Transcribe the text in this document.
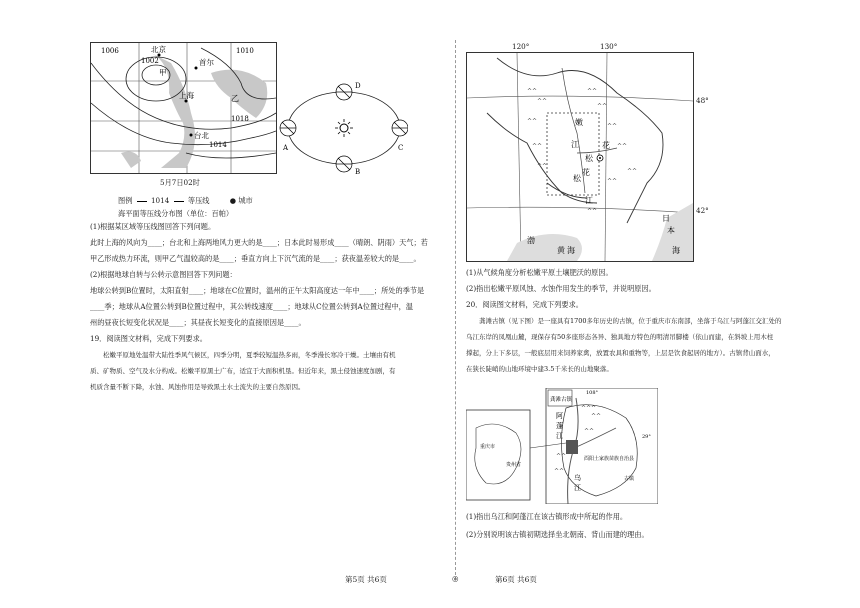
1006
1002
1010
1018
1014
北京
甲
首尔
上海	乙
台北
5月7日02时
图例	1014	等压线	● 城市
海平面等压线分布图（单位：百帕）
A
B
C
D
(1)根据某区域等压线图回答下列问题。
此时上海的风向为____；台北和上海两地风力更大的是____；日本此时易形成____（晴朗、阴雨）天气；若
甲乙形成热力环流，则甲乙气温较高的是____；垂直方向上下沉气流的是____；获夜温差较大的是____。
(2)根据地球自转与公转示意图回答下列问题：
地球公转到B位置时，太阳直射____；地球在C位置时，温州的正午太阳高度达一年中____；所处的季节是
____季；地球从A位置公转到B位置过程中，其公转线速度____；地球从C位置公转到A位置过程中，温
州的昼夜长短变化状况是____；其昼夜长短变化的直接原因是____。
19．阅读图文材料，完成下列要求。
　　松嫩平原地处温带大陆性季风气候区，四季分明，夏季较短温热多雨，冬季漫长寒冷干燥。土壤由有机
质、矿物质、空气及水分构成。松嫩平原黑土广布，适宜于大面积机垦。但近年来，黑土侵蚀速度加剧，有
机质含量不断下降，水蚀、风蚀作用是导致黑土水土流失的主要自然原因。
^^
^^
^^
^^
^^
^^
^^
^^
^^
^^
^^
^^
嫩
江
松
花
松
花
江
日
本
海
渤
黄 海
120°	130°
48°
42°
(1)从气候角度分析松嫩平原土壤肥沃的原因。
(2)指出松嫩平原风蚀、水蚀作用发生的季节，并说明原因。
20．阅读图文材料，完成下列要求。
　　龚滩古镇（见下图）是一座具有1700多年历史的古镇，位于重庆市东南部，坐落于乌江与阿蓬江交汇处的
乌江东岸的凤凰山麓，现保存有50多座形态各异、独具地方特色的明清吊脚楼（依山而建，在斜坡上用木柱
撑起，分上下多层，一般底层用来饲养家禽，放置农具和重物等，上层是饮食起居的地方）。古镇背山面水，
在狭长陡峭的山地环境中建3.5千米长的山地聚落。
龚滩古镇
^^^
^^
^^
^^
^^
阿
蓬
江
乌
江
酉阳土家族苗族自治县
29°
108°
古镇
重庆市
贵州省
(1)指出乌江和阿蓬江在该古镇形成中所起的作用。
(2)分别说明该古镇初期选择坐北朝南、背山而建的理由。
第5页 共6页	◎	第6页 共6页
